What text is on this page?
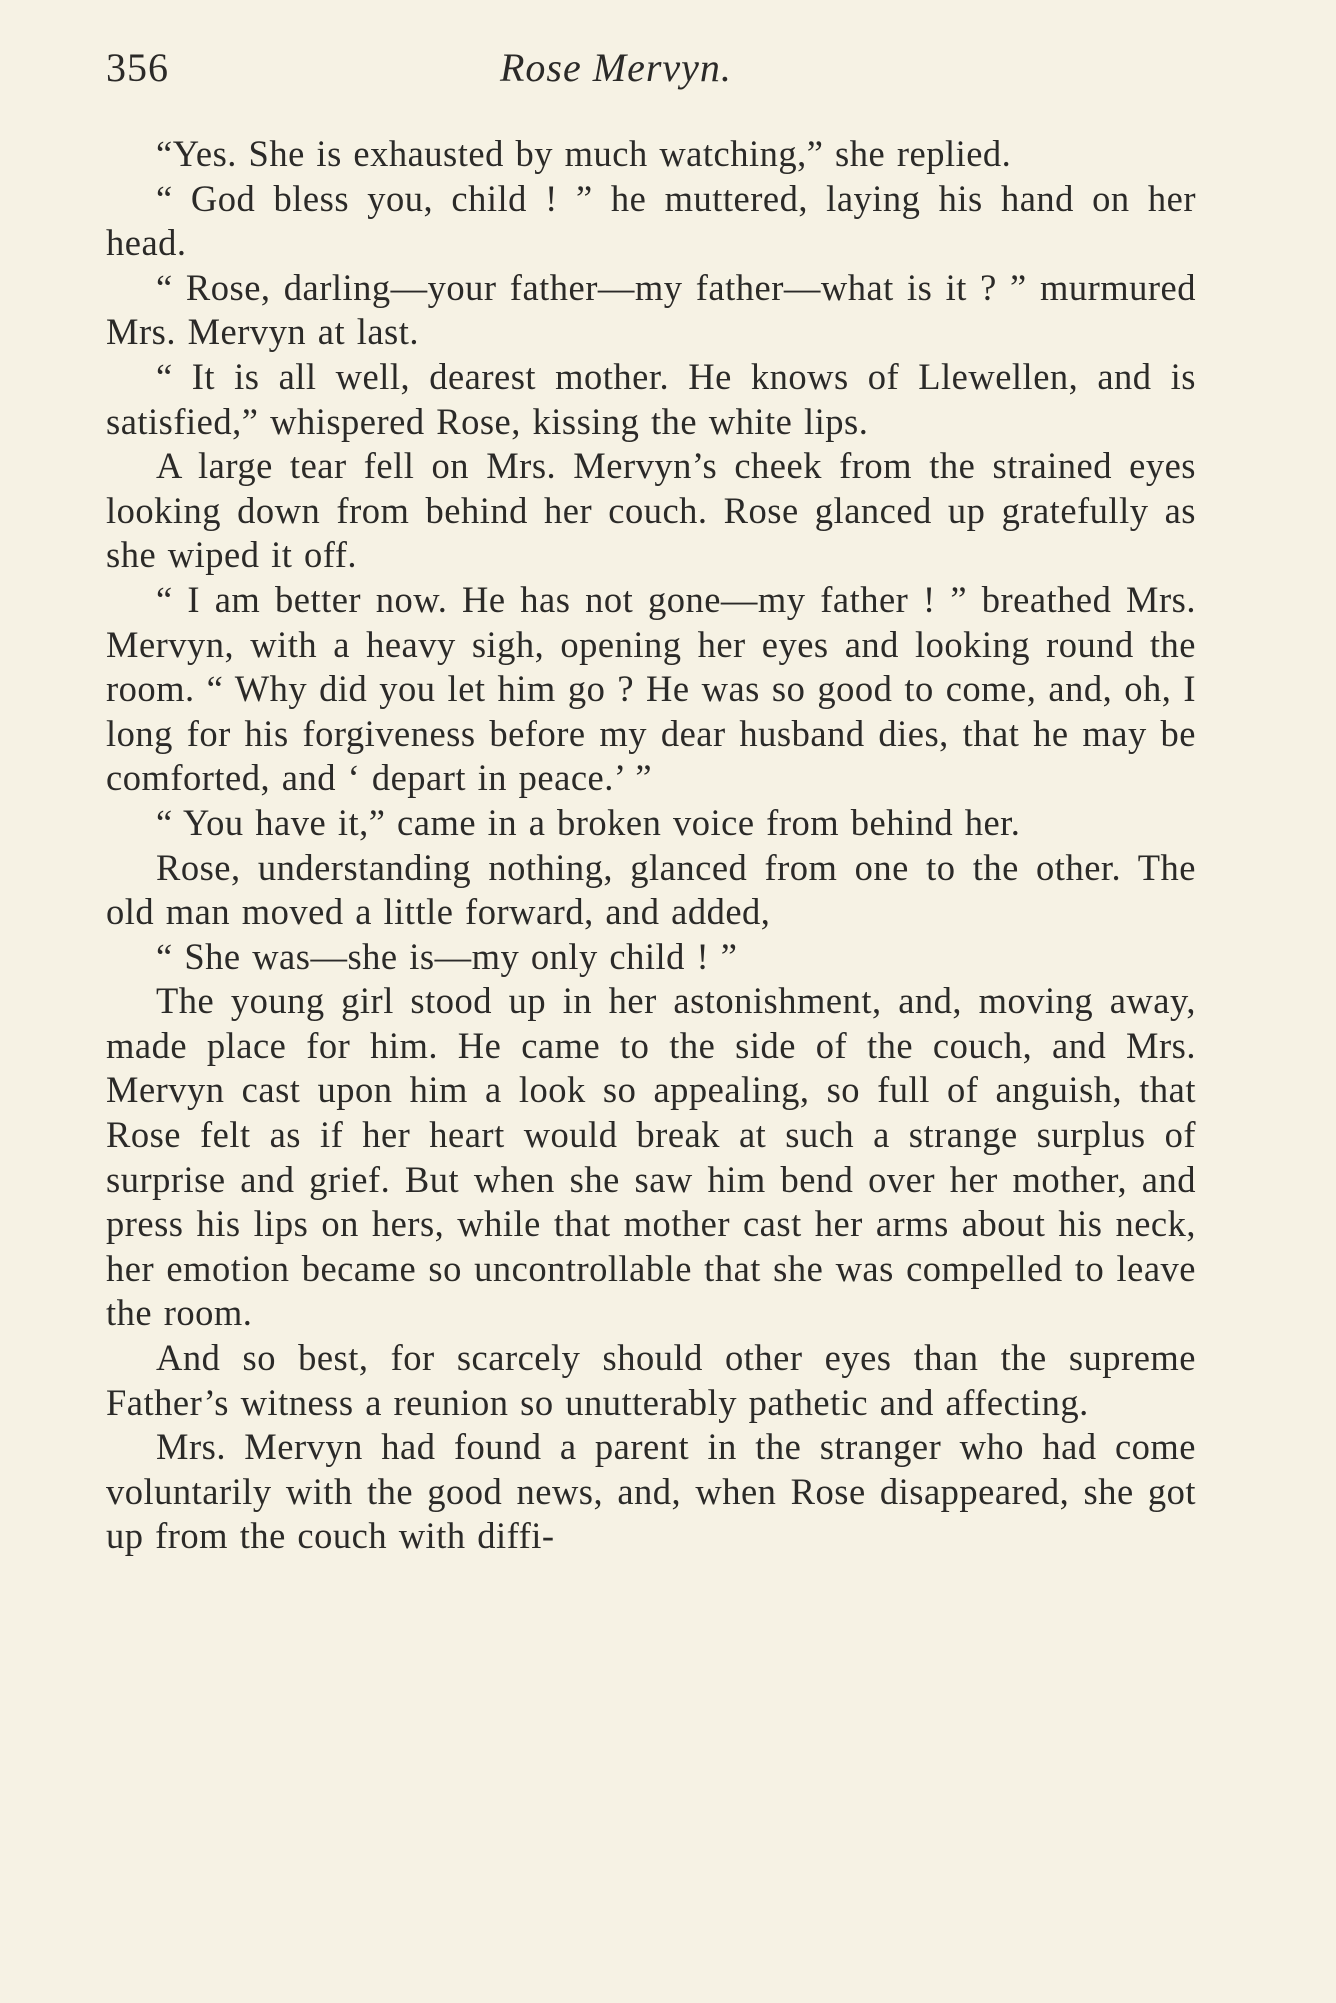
356	Rose Mervyn.

“Yes. She is exhausted by much watching,” she replied.

“ God bless you, child ! ” he muttered, laying his hand on her head.

“ Rose, darling—your father—my father—what is it ? ” murmured Mrs. Mervyn at last.

“ It is all well, dearest mother. He knows of Llewellen, and is satisfied,” whispered Rose, kissing the white lips.

A large tear fell on Mrs. Mervyn’s cheek from the strained eyes looking down from behind her couch. Rose glanced up gratefully as she wiped it off.

“ I am better now. He has not gone—my father ! ” breathed Mrs. Mervyn, with a heavy sigh, opening her eyes and looking round the room. “ Why did you let him go ? He was so good to come, and, oh, I long for his forgiveness before my dear husband dies, that he may be comforted, and ‘ depart in peace.’ ”

“ You have it,” came in a broken voice from behind her.

Rose, understanding nothing, glanced from one to the other. The old man moved a little forward, and added,

“ She was—she is—my only child ! ”

The young girl stood up in her astonishment, and, moving away, made place for him. He came to the side of the couch, and Mrs. Mervyn cast upon him a look so appealing, so full of anguish, that Rose felt as if her heart would break at such a strange surplus of surprise and grief. But when she saw him bend over her mother, and press his lips on hers, while that mother cast her arms about his neck, her emotion became so uncontrollable that she was compelled to leave the room.

And so best, for scarcely should other eyes than the supreme Father’s witness a reunion so unutterably pathetic and affecting.

Mrs. Mervyn had found a parent in the stranger who had come voluntarily with the good news, and, when Rose disappeared, she got up from the couch with diffi-
